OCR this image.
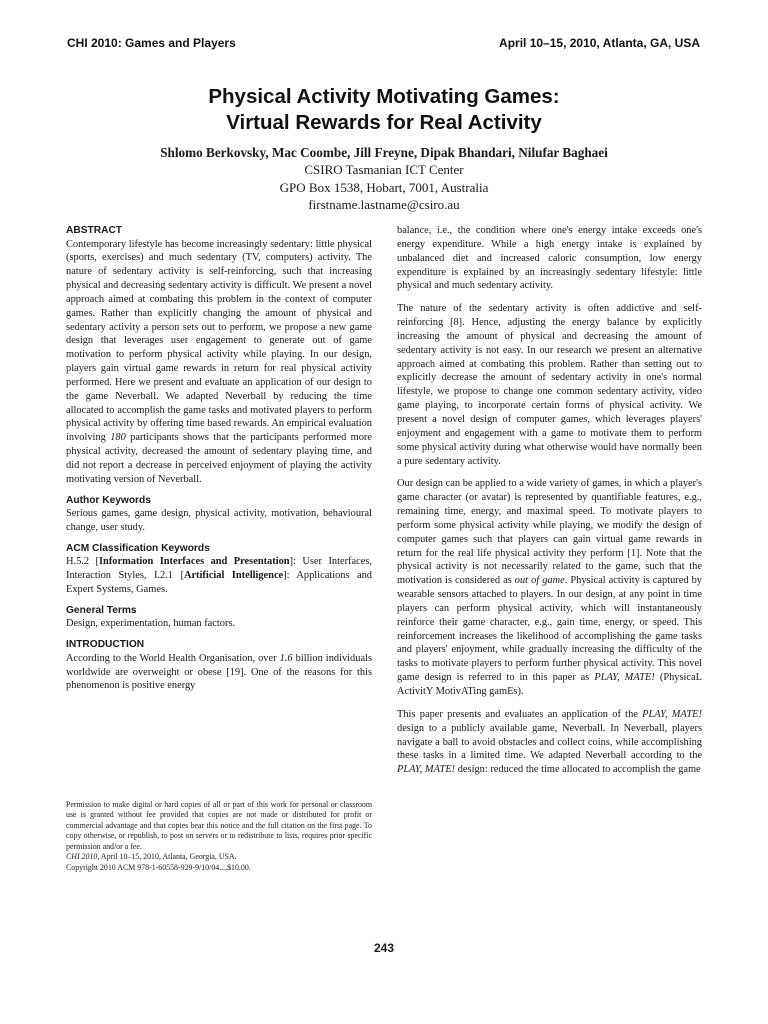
CHI 2010: Games and Players	April 10–15, 2010, Atlanta, GA, USA
Physical Activity Motivating Games:
Virtual Rewards for Real Activity
Shlomo Berkovsky, Mac Coombe, Jill Freyne, Dipak Bhandari, Nilufar Baghaei
CSIRO Tasmanian ICT Center
GPO Box 1538, Hobart, 7001, Australia
firstname.lastname@csiro.au
ABSTRACT

Contemporary lifestyle has become increasingly sedentary: little physical (sports, exercises) and much sedentary (TV, computers) activity. The nature of sedentary activity is self-reinforcing, such that increasing physical and decreasing sedentary activity is difficult. We present a novel approach aimed at combating this problem in the context of computer games. Rather than explicitly changing the amount of physical and sedentary activity a person sets out to perform, we propose a new game design that leverages user engagement to generate out of game motivation to perform physical activity while playing. In our design, players gain virtual game rewards in return for real physical activity performed. Here we present and evaluate an application of our design to the game Neverball. We adapted Neverball by reducing the time allocated to accomplish the game tasks and motivated players to perform physical activity by offering time based rewards. An empirical evaluation involving 180 participants shows that the participants performed more physical activity, decreased the amount of sedentary playing time, and did not report a decrease in perceived enjoyment of playing the activity motivating version of Neverball.

Author Keywords

Serious games, game design, physical activity, motivation, behavioural change, user study.

ACM Classification Keywords

H.5.2 [Information Interfaces and Presentation]: User Interfaces, Interaction Styles, I.2.1 [Artificial Intelligence]: Applications and Expert Systems, Games.

General Terms

Design, experimentation, human factors.

INTRODUCTION

According to the World Health Organisation, over 1.6 billion individuals worldwide are overweight or obese [19]. One of the reasons for this phenomenon is positive energy

Permission to make digital or hard copies of all or part of this work for personal or classroom use is granted without fee provided that copies are not made or distributed for profit or commercial advantage and that copies bear this notice and the full citation on the first page. To copy otherwise, or republish, to post on servers or to redistribute to lists, requires prior specific permission and/or a fee.

CHI 2010, April 10–15, 2010, Atlanta, Georgia, USA.

Copyright 2010 ACM 978-1-60558-929-9/10/04....$10.00.

balance, i.e., the condition where one's energy intake exceeds one's energy expenditure. While a high energy intake is explained by unbalanced diet and increased caloric consumption, low energy expenditure is explained by an increasingly sedentary lifestyle: little physical and much sedentary activity.

The nature of the sedentary activity is often addictive and self-reinforcing [8]. Hence, adjusting the energy balance by explicitly increasing the amount of physical and decreasing the amount of sedentary activity is not easy. In our research we present an alternative approach aimed at combating this problem. Rather than setting out to explicitly decrease the amount of sedentary activity in one's normal lifestyle, we propose to change one common sedentary activity, video game playing, to incorporate certain forms of physical activity. We present a novel design of computer games, which leverages players' enjoyment and engagement with a game to motivate them to perform some physical activity during what otherwise would have normally been a pure sedentary activity.

Our design can be applied to a wide variety of games, in which a player's game character (or avatar) is represented by quantifiable features, e.g., remaining time, energy, and maximal speed. To motivate players to perform some physical activity while playing, we modify the design of computer games such that players can gain virtual game rewards in return for the real life physical activity they perform [1]. Note that the physical activity is not necessarily related to the game, such that the motivation is considered as out of game. Physical activity is captured by wearable sensors attached to players. In our design, at any point in time players can perform physical activity, which will instantaneously reinforce their game character, e.g., gain time, energy, or speed. This reinforcement increases the likelihood of accomplishing the game tasks and players' enjoyment, while gradually increasing the difficulty of the tasks to motivate players to perform further physical activity. This novel game design is referred to in this paper as PLAY, MATE! (PhysicaL ActivitY MotivATing gamEs).

This paper presents and evaluates an application of the PLAY, MATE! design to a publicly available game, Neverball. In Neverball, players navigate a ball to avoid obstacles and collect coins, while accomplishing these tasks in a limited time. We adapted Neverball according to the PLAY, MATE! design: reduced the time allocated to accomplish the game

243
